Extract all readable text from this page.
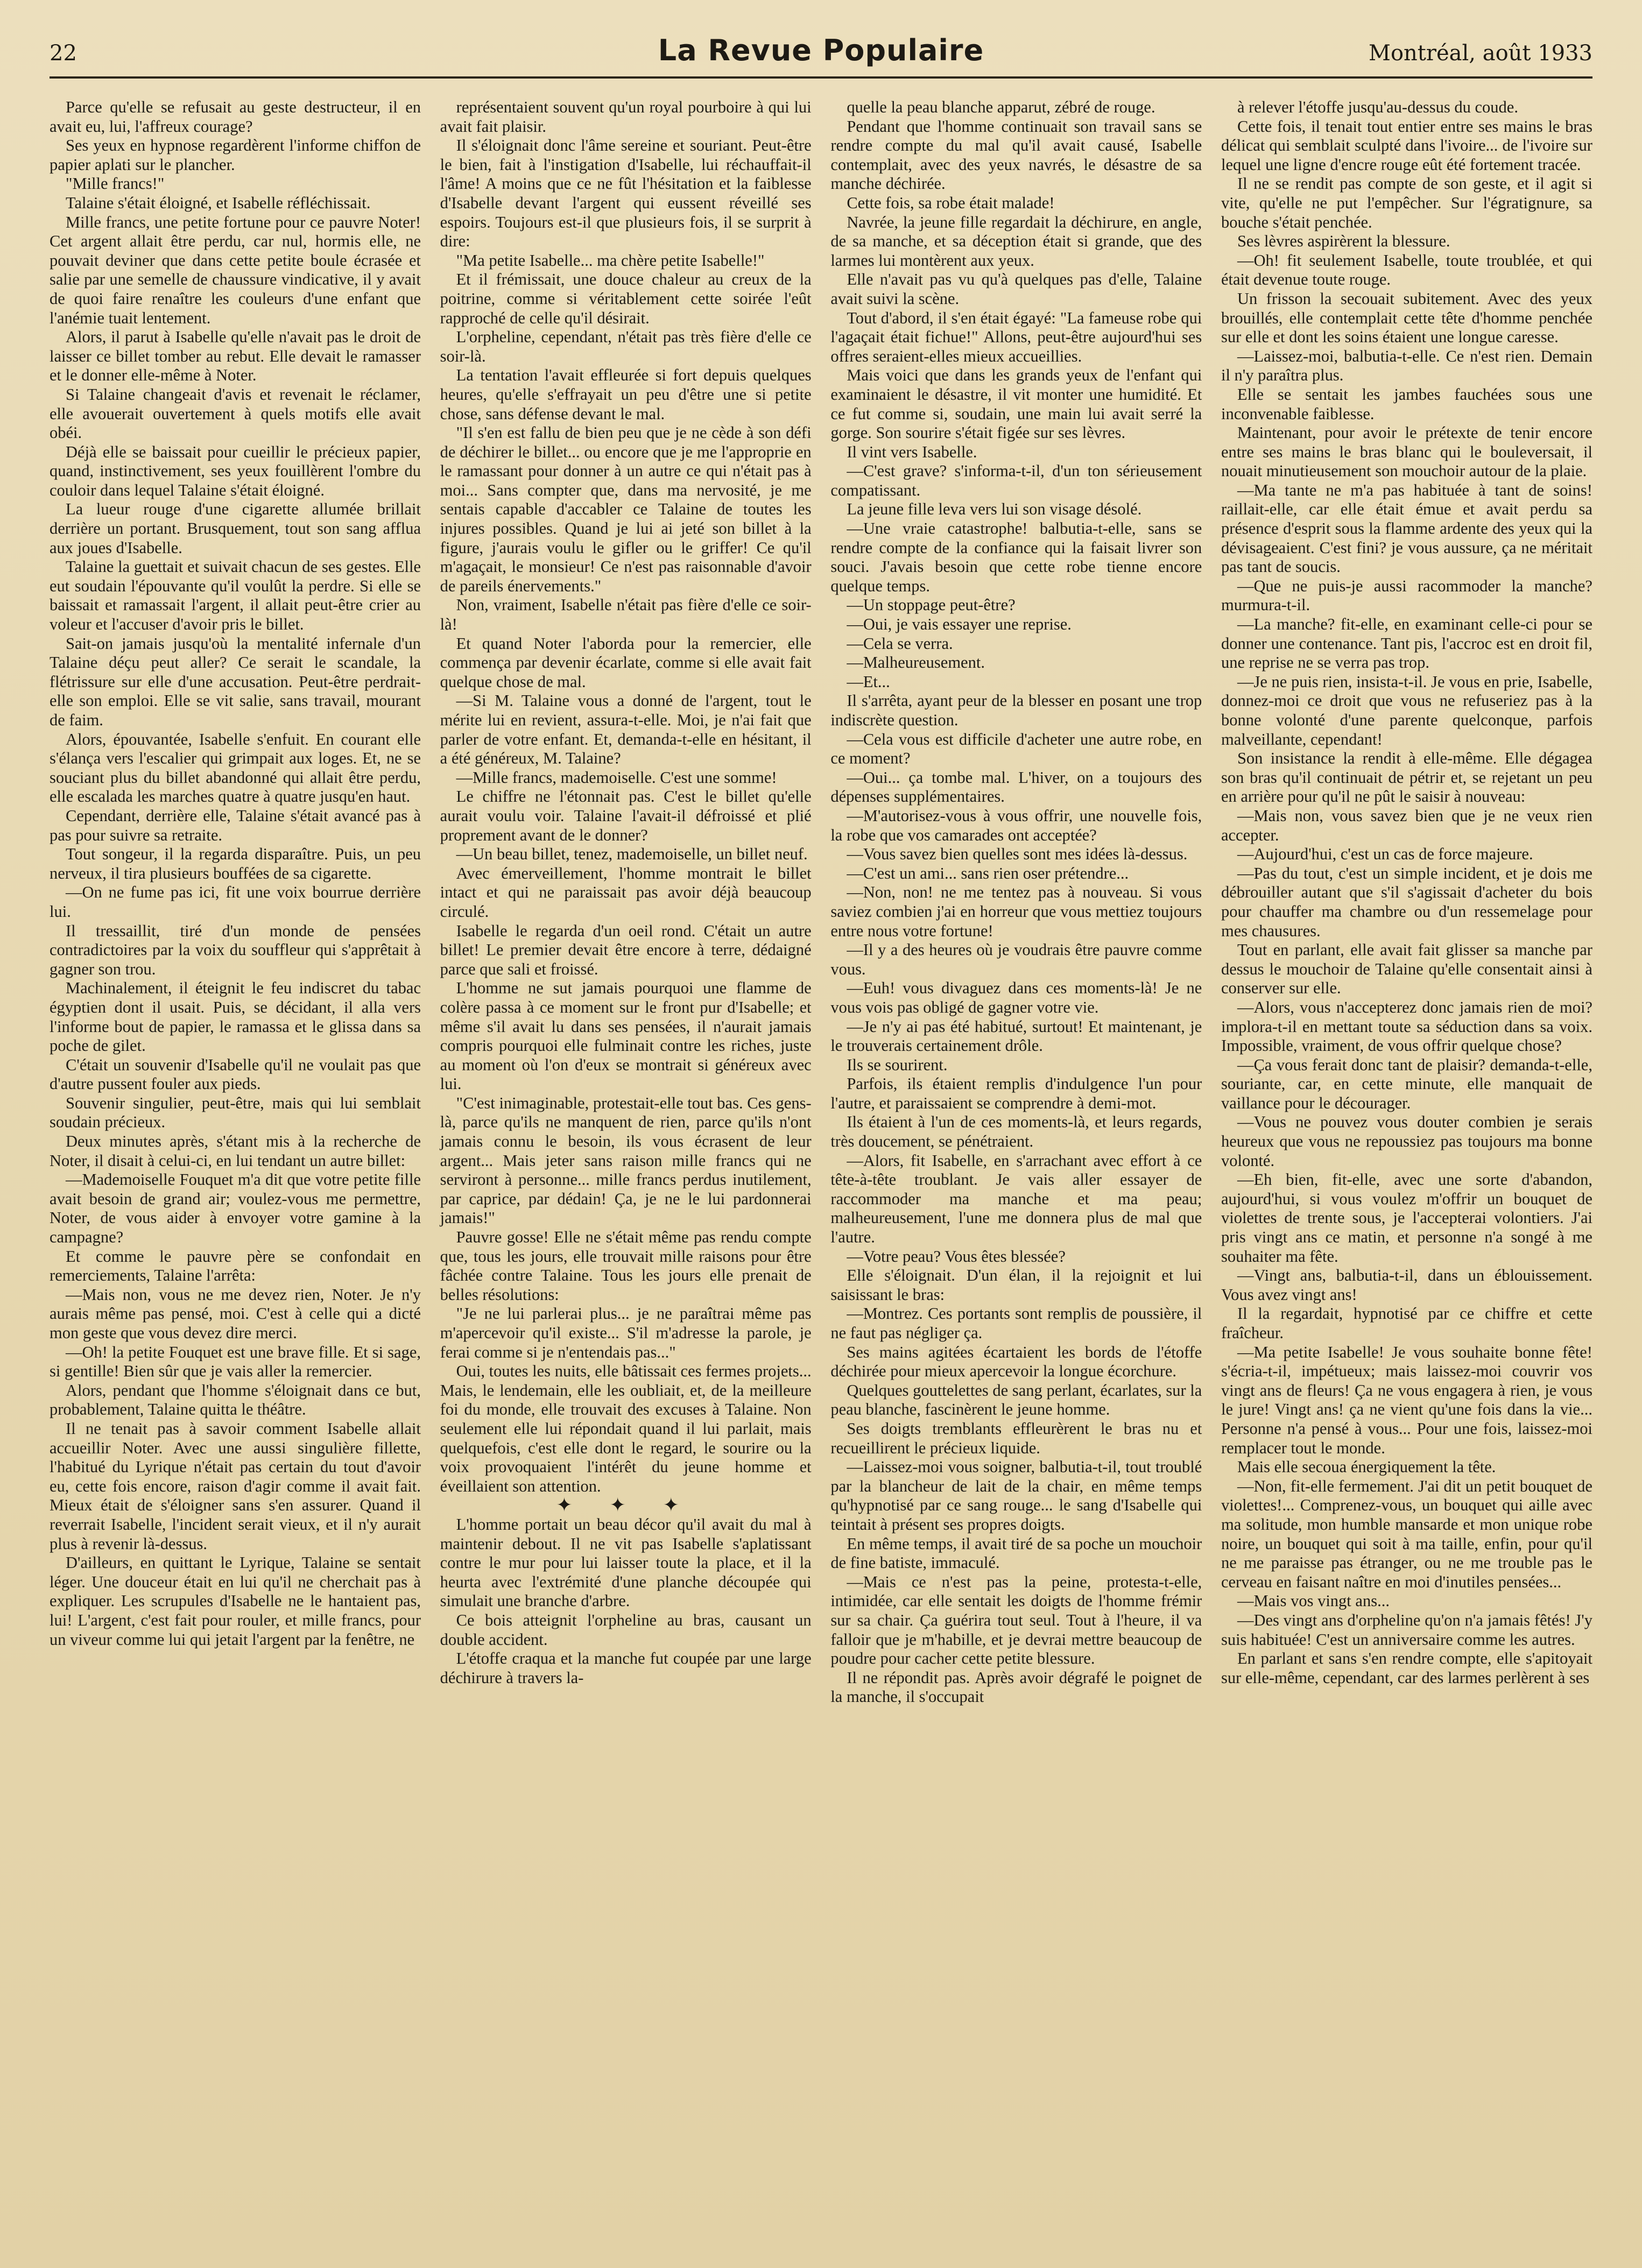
22	La Revue Populaire	Montréal, août 1933

Parce qu'elle se refusait au geste destructeur, il en avait eu, lui, l'affreux courage?

Ses yeux en hypnose regardèrent l'informe chiffon de papier aplati sur le plancher.

"Mille francs!"

Talaine s'était éloigné, et Isabelle réfléchissait.

Mille francs, une petite fortune pour ce pauvre Noter! Cet argent allait être perdu, car nul, hormis elle, ne pouvait deviner que dans cette petite boule écrasée et salie par une semelle de chaussure vindicative, il y avait de quoi faire renaître les couleurs d'une enfant que l'anémie tuait lentement.

Alors, il parut à Isabelle qu'elle n'avait pas le droit de laisser ce billet tomber au rebut. Elle devait le ramasser et le donner elle-même à Noter.

Si Talaine changeait d'avis et revenait le réclamer, elle avouerait ouvertement à quels motifs elle avait obéi.

Déjà elle se baissait pour cueillir le précieux papier, quand, instinctivement, ses yeux fouillèrent l'ombre du couloir dans lequel Talaine s'était éloigné.

La lueur rouge d'une cigarette allumée brillait derrière un portant. Brusquement, tout son sang afflua aux joues d'Isabelle.

Talaine la guettait et suivait chacun de ses gestes. Elle eut soudain l'épouvante qu'il voulût la perdre. Si elle se baissait et ramassait l'argent, il allait peut-être crier au voleur et l'accuser d'avoir pris le billet.

Sait-on jamais jusqu'où la mentalité infernale d'un Talaine déçu peut aller? Ce serait le scandale, la flétrissure sur elle d'une accusation. Peut-être perdrait-elle son emploi. Elle se vit salie, sans travail, mourant de faim.

Alors, épouvantée, Isabelle s'enfuit. En courant elle s'élança vers l'escalier qui grimpait aux loges. Et, ne se souciant plus du billet abandonné qui allait être perdu, elle escalada les marches quatre à quatre jusqu'en haut.

Cependant, derrière elle, Talaine s'était avancé pas à pas pour suivre sa retraite.

Tout songeur, il la regarda disparaître. Puis, un peu nerveux, il tira plusieurs bouffées de sa cigarette.

—On ne fume pas ici, fit une voix bourrue derrière lui.

Il tressaillit, tiré d'un monde de pensées contradictoires par la voix du souffleur qui s'apprêtait à gagner son trou.

Machinalement, il éteignit le feu indiscret du tabac égyptien dont il usait. Puis, se décidant, il alla vers l'informe bout de papier, le ramassa et le glissa dans sa poche de gilet.

C'était un souvenir d'Isabelle qu'il ne voulait pas que d'autre pussent fouler aux pieds.

Souvenir singulier, peut-être, mais qui lui semblait soudain précieux.

Deux minutes après, s'étant mis à la recherche de Noter, il disait à celui-ci, en lui tendant un autre billet:

—Mademoiselle Fouquet m'a dit que votre petite fille avait besoin de grand air; voulez-vous me permettre, Noter, de vous aider à envoyer votre gamine à la campagne?

Et comme le pauvre père se confondait en remerciements, Talaine l'arrêta:

—Mais non, vous ne me devez rien, Noter. Je n'y aurais même pas pensé, moi. C'est à celle qui a dicté mon geste que vous devez dire merci.

—Oh! la petite Fouquet est une brave fille. Et si sage, si gentille! Bien sûr que je vais aller la remercier.

Alors, pendant que l'homme s'éloignait dans ce but, probablement, Talaine quitta le théâtre.

Il ne tenait pas à savoir comment Isabelle allait accueillir Noter. Avec une aussi singulière fillette, l'habitué du Lyrique n'était pas certain du tout d'avoir eu, cette fois encore, raison d'agir comme il avait fait. Mieux était de s'éloigner sans s'en assurer. Quand il reverrait Isabelle, l'incident serait vieux, et il n'y aurait plus à revenir là-dessus.

D'ailleurs, en quittant le Lyrique, Talaine se sentait léger. Une douceur était en lui qu'il ne cherchait pas à expliquer. Les scrupules d'Isabelle ne le hantaient pas, lui! L'argent, c'est fait pour rouler, et mille francs, pour un viveur comme lui qui jetait l'argent par la fenêtre, ne

représentaient souvent qu'un royal pourboire à qui lui avait fait plaisir.

Il s'éloignait donc l'âme sereine et souriant. Peut-être le bien, fait à l'instigation d'Isabelle, lui réchauffait-il l'âme! A moins que ce ne fût l'hésitation et la faiblesse d'Isabelle devant l'argent qui eussent réveillé ses espoirs. Toujours est-il que plusieurs fois, il se surprit à dire:

"Ma petite Isabelle... ma chère petite Isabelle!"

Et il frémissait, une douce chaleur au creux de la poitrine, comme si véritablement cette soirée l'eût rapproché de celle qu'il désirait.

L'orpheline, cependant, n'était pas très fière d'elle ce soir-là.

La tentation l'avait effleurée si fort depuis quelques heures, qu'elle s'effrayait un peu d'être une si petite chose, sans défense devant le mal.

"Il s'en est fallu de bien peu que je ne cède à son défi de déchirer le billet... ou encore que je me l'approprie en le ramassant pour donner à un autre ce qui n'était pas à moi... Sans compter que, dans ma nervosité, je me sentais capable d'accabler ce Talaine de toutes les injures possibles. Quand je lui ai jeté son billet à la figure, j'aurais voulu le gifler ou le griffer! Ce qu'il m'agaçait, le monsieur! Ce n'est pas raisonnable d'avoir de pareils énervements."

Non, vraiment, Isabelle n'était pas fière d'elle ce soir-là!

Et quand Noter l'aborda pour la remercier, elle commença par devenir écarlate, comme si elle avait fait quelque chose de mal.

—Si M. Talaine vous a donné de l'argent, tout le mérite lui en revient, assura-t-elle. Moi, je n'ai fait que parler de votre enfant. Et, demanda-t-elle en hésitant, il a été généreux, M. Talaine?

—Mille francs, mademoiselle. C'est une somme!

Le chiffre ne l'étonnait pas. C'est le billet qu'elle aurait voulu voir. Talaine l'avait-il défroissé et plié proprement avant de le donner?

—Un beau billet, tenez, mademoiselle, un billet neuf.

Avec émerveillement, l'homme montrait le billet intact et qui ne paraissait pas avoir déjà beaucoup circulé.

Isabelle le regarda d'un oeil rond. C'était un autre billet! Le premier devait être encore à terre, dédaigné parce que sali et froissé.

L'homme ne sut jamais pourquoi une flamme de colère passa à ce moment sur le front pur d'Isabelle; et même s'il avait lu dans ses pensées, il n'aurait jamais compris pourquoi elle fulminait contre les riches, juste au moment où l'on d'eux se montrait si généreux avec lui.

"C'est inimaginable, protestait-elle tout bas. Ces gens-là, parce qu'ils ne manquent de rien, parce qu'ils n'ont jamais connu le besoin, ils vous écrasent de leur argent... Mais jeter sans raison mille francs qui ne serviront à personne... mille francs perdus inutilement, par caprice, par dédain! Ça, je ne le lui pardonnerai jamais!"

Pauvre gosse! Elle ne s'était même pas rendu compte que, tous les jours, elle trouvait mille raisons pour être fâchée contre Talaine. Tous les jours elle prenait de belles résolutions:

"Je ne lui parlerai plus... je ne paraîtrai même pas m'apercevoir qu'il existe... S'il m'adresse la parole, je ferai comme si je n'entendais pas..."

Oui, toutes les nuits, elle bâtissait ces fermes projets... Mais, le lendemain, elle les oubliait, et, de la meilleure foi du monde, elle trouvait des excuses à Talaine. Non seulement elle lui répondait quand il lui parlait, mais quelquefois, c'est elle dont le regard, le sourire ou la voix provoquaient l'intérêt du jeune homme et éveillaient son attention.

✦ ✦ ✦

L'homme portait un beau décor qu'il avait du mal à maintenir debout. Il ne vit pas Isabelle s'aplatissant contre le mur pour lui laisser toute la place, et il la heurta avec l'extrémité d'une planche découpée qui simulait une branche d'arbre.

Ce bois atteignit l'orpheline au bras, causant un double accident.

L'étoffe craqua et la manche fut coupée par une large déchirure à travers la-

quelle la peau blanche apparut, zébré de rouge.

Pendant que l'homme continuait son travail sans se rendre compte du mal qu'il avait causé, Isabelle contemplait, avec des yeux navrés, le désastre de sa manche déchirée.

Cette fois, sa robe était malade!

Navrée, la jeune fille regardait la déchirure, en angle, de sa manche, et sa déception était si grande, que des larmes lui montèrent aux yeux.

Elle n'avait pas vu qu'à quelques pas d'elle, Talaine avait suivi la scène.

Tout d'abord, il s'en était égayé: "La fameuse robe qui l'agaçait était fichue!" Allons, peut-être aujourd'hui ses offres seraient-elles mieux accueillies.

Mais voici que dans les grands yeux de l'enfant qui examinaient le désastre, il vit monter une humidité. Et ce fut comme si, soudain, une main lui avait serré la gorge. Son sourire s'était figée sur ses lèvres.

Il vint vers Isabelle.

—C'est grave? s'informa-t-il, d'un ton sérieusement compatissant.

La jeune fille leva vers lui son visage désolé.

—Une vraie catastrophe! balbutia-t-elle, sans se rendre compte de la confiance qui la faisait livrer son souci. J'avais besoin que cette robe tienne encore quelque temps.

—Un stoppage peut-être?

—Oui, je vais essayer une reprise.

—Cela se verra.

—Malheureusement.

—Et...

Il s'arrêta, ayant peur de la blesser en posant une trop indiscrète question.

—Cela vous est difficile d'acheter une autre robe, en ce moment?

—Oui... ça tombe mal. L'hiver, on a toujours des dépenses supplémentaires.

—M'autorisez-vous à vous offrir, une nouvelle fois, la robe que vos camarades ont acceptée?

—Vous savez bien quelles sont mes idées là-dessus.

—C'est un ami... sans rien oser prétendre...

—Non, non! ne me tentez pas à nouveau. Si vous saviez combien j'ai en horreur que vous mettiez toujours entre nous votre fortune!

—Il y a des heures où je voudrais être pauvre comme vous.

—Euh! vous divaguez dans ces moments-là! Je ne vous vois pas obligé de gagner votre vie.

—Je n'y ai pas été habitué, surtout! Et maintenant, je le trouverais certainement drôle.

Ils se sourirent.

Parfois, ils étaient remplis d'indulgence l'un pour l'autre, et paraissaient se comprendre à demi-mot.

Ils étaient à l'un de ces moments-là, et leurs regards, très doucement, se pénétraient.

—Alors, fit Isabelle, en s'arrachant avec effort à ce tête-à-tête troublant. Je vais aller essayer de raccommoder ma manche et ma peau; malheureusement, l'une me donnera plus de mal que l'autre.

—Votre peau? Vous êtes blessée?

Elle s'éloignait. D'un élan, il la rejoignit et lui saisissant le bras:

—Montrez. Ces portants sont remplis de poussière, il ne faut pas négliger ça.

Ses mains agitées écartaient les bords de l'étoffe déchirée pour mieux apercevoir la longue écorchure.

Quelques gouttelettes de sang perlant, écarlates, sur la peau blanche, fascinèrent le jeune homme.

Ses doigts tremblants effleurèrent le bras nu et recueillirent le précieux liquide.

—Laissez-moi vous soigner, balbutia-t-il, tout troublé par la blancheur de lait de la chair, en même temps qu'hypnotisé par ce sang rouge... le sang d'Isabelle qui teintait à présent ses propres doigts.

En même temps, il avait tiré de sa poche un mouchoir de fine batiste, immaculé.

—Mais ce n'est pas la peine, protesta-t-elle, intimidée, car elle sentait les doigts de l'homme frémir sur sa chair. Ça guérira tout seul. Tout à l'heure, il va falloir que je m'habille, et je devrai mettre beaucoup de poudre pour cacher cette petite blessure.

Il ne répondit pas. Après avoir dégrafé le poignet de la manche, il s'occupait

à relever l'étoffe jusqu'au-dessus du coude.

Cette fois, il tenait tout entier entre ses mains le bras délicat qui semblait sculpté dans l'ivoire... de l'ivoire sur lequel une ligne d'encre rouge eût été fortement tracée.

Il ne se rendit pas compte de son geste, et il agit si vite, qu'elle ne put l'empêcher. Sur l'égratignure, sa bouche s'était penchée.

Ses lèvres aspirèrent la blessure.

—Oh! fit seulement Isabelle, toute troublée, et qui était devenue toute rouge.

Un frisson la secouait subitement. Avec des yeux brouillés, elle contemplait cette tête d'homme penchée sur elle et dont les soins étaient une longue caresse.

—Laissez-moi, balbutia-t-elle. Ce n'est rien. Demain il n'y paraîtra plus.

Elle se sentait les jambes fauchées sous une inconvenable faiblesse.

Maintenant, pour avoir le prétexte de tenir encore entre ses mains le bras blanc qui le bouleversait, il nouait minutieusement son mouchoir autour de la plaie.

—Ma tante ne m'a pas habituée à tant de soins! raillait-elle, car elle était émue et avait perdu sa présence d'esprit sous la flamme ardente des yeux qui la dévisageaient. C'est fini? je vous aussure, ça ne méritait pas tant de soucis.

—Que ne puis-je aussi racommoder la manche? murmura-t-il.

—La manche? fit-elle, en examinant celle-ci pour se donner une contenance. Tant pis, l'accroc est en droit fil, une reprise ne se verra pas trop.

—Je ne puis rien, insista-t-il. Je vous en prie, Isabelle, donnez-moi ce droit que vous ne refuseriez pas à la bonne volonté d'une parente quelconque, parfois malveillante, cependant!

Son insistance la rendit à elle-même. Elle dégagea son bras qu'il continuait de pétrir et, se rejetant un peu en arrière pour qu'il ne pût le saisir à nouveau:

—Mais non, vous savez bien que je ne veux rien accepter.

—Aujourd'hui, c'est un cas de force majeure.

—Pas du tout, c'est un simple incident, et je dois me débrouiller autant que s'il s'agissait d'acheter du bois pour chauffer ma chambre ou d'un ressemelage pour mes chausures.

Tout en parlant, elle avait fait glisser sa manche par dessus le mouchoir de Talaine qu'elle consentait ainsi à conserver sur elle.

—Alors, vous n'accepterez donc jamais rien de moi? implora-t-il en mettant toute sa séduction dans sa voix. Impossible, vraiment, de vous offrir quelque chose?

—Ça vous ferait donc tant de plaisir? demanda-t-elle, souriante, car, en cette minute, elle manquait de vaillance pour le décourager.

—Vous ne pouvez vous douter combien je serais heureux que vous ne repoussiez pas toujours ma bonne volonté.

—Eh bien, fit-elle, avec une sorte d'abandon, aujourd'hui, si vous voulez m'offrir un bouquet de violettes de trente sous, je l'accepterai volontiers. J'ai pris vingt ans ce matin, et personne n'a songé à me souhaiter ma fête.

—Vingt ans, balbutia-t-il, dans un éblouissement. Vous avez vingt ans!

Il la regardait, hypnotisé par ce chiffre et cette fraîcheur.

—Ma petite Isabelle! Je vous souhaite bonne fête! s'écria-t-il, impétueux; mais laissez-moi couvrir vos vingt ans de fleurs! Ça ne vous engagera à rien, je vous le jure! Vingt ans! ça ne vient qu'une fois dans la vie... Personne n'a pensé à vous... Pour une fois, laissez-moi remplacer tout le monde.

Mais elle secoua énergiquement la tête.

—Non, fit-elle fermement. J'ai dit un petit bouquet de violettes!... Comprenez-vous, un bouquet qui aille avec ma solitude, mon humble mansarde et mon unique robe noire, un bouquet qui soit à ma taille, enfin, pour qu'il ne me paraisse pas étranger, ou ne me trouble pas le cerveau en faisant naître en moi d'inutiles pensées...

—Mais vos vingt ans...

—Des vingt ans d'orpheline qu'on n'a jamais fêtés! J'y suis habituée! C'est un anniversaire comme les autres.

En parlant et sans s'en rendre compte, elle s'apitoyait sur elle-même, cependant, car des larmes perlèrent à ses
